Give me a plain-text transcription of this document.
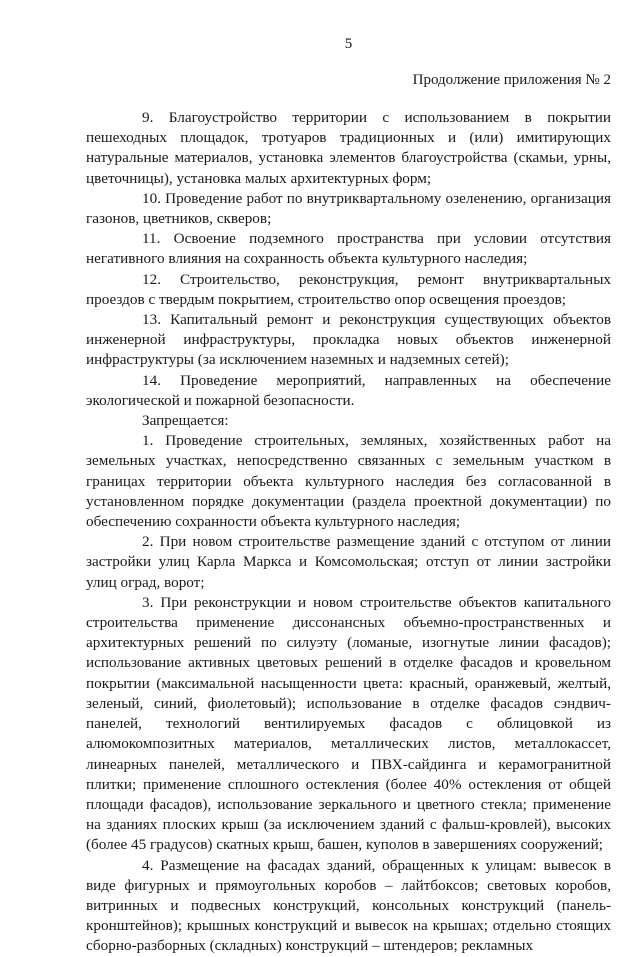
5
Продолжение приложения № 2

9. Благоустройство территории с использованием в покрытии пешеходных площадок, тротуаров традиционных и (или) имитирующих натуральные материалов, установка элементов благоустройства (скамьи, урны, цветочницы), установка малых архитектурных форм;

10. Проведение работ по внутриквартальному озеленению, организация газонов, цветников, скверов;

11. Освоение подземного пространства при условии отсутствия негативного влияния на сохранность объекта культурного наследия;

12. Строительство, реконструкция, ремонт внутриквартальных проездов с твердым покрытием, строительство опор освещения проездов;

13. Капитальный ремонт и реконструкция существующих объектов инженерной инфраструктуры, прокладка новых объектов инженерной инфраструктуры (за исключением наземных и надземных сетей);

14. Проведение мероприятий, направленных на обеспечение экологической и пожарной безопасности.

Запрещается:

1. Проведение строительных, земляных, хозяйственных работ на земельных участках, непосредственно связанных с земельным участком в границах территории объекта культурного наследия без согласованной в установленном порядке документации (раздела проектной документации) по обеспечению сохранности объекта культурного наследия;

2. При новом строительстве размещение зданий с отступом от линии застройки улиц Карла Маркса и Комсомольская; отступ от линии застройки улиц оград, ворот;

3. При реконструкции и новом строительстве объектов капитального строительства применение диссонансных объемно-пространственных и архитектурных решений по силуэту (ломаные, изогнутые линии фасадов); использование активных цветовых решений в отделке фасадов и кровельном покрытии (максимальной насыщенности цвета: красный, оранжевый, желтый, зеленый, синий, фиолетовый); использование в отделке фасадов сэндвич-панелей, технологий вентилируемых фасадов с облицовкой из алюмокомпозитных материалов, металлических листов, металлокассет, линеарных панелей, металлического и ПВХ-сайдинга и керамогранитной плитки; применение сплошного остекления (более 40% остекления от общей площади фасадов), использование зеркального и цветного стекла; применение на зданиях плоских крыш (за исключением зданий с фальш-кровлей), высоких (более 45 градусов) скатных крыш, башен, куполов в завершениях сооружений;

4. Размещение на фасадах зданий, обращенных к улицам: вывесок в виде фигурных и прямоугольных коробов – лайтбоксов; световых коробов, витринных и подвесных конструкций, консольных конструкций (панель-кронштейнов); крышных конструкций и вывесок на крышах; отдельно стоящих сборно-разборных (складных) конструкций – штендеров; рекламных
